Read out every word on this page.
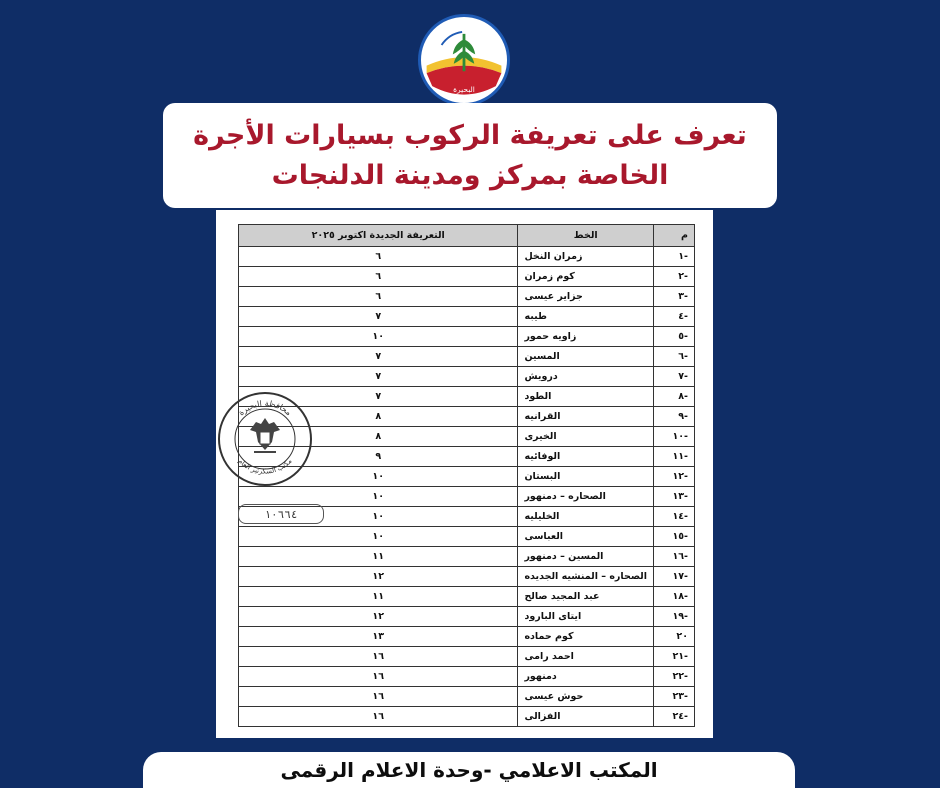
البحيرة
تعرف على تعريفة الركوب بسيارات الأجرة
الخاصة بمركز ومدينة الدلنجات
م	الخط	التعريفة الجديدة اكتوبر ٢٠٢٥
-١	زمران النخل	٦
-٢	كوم زمران	٦
-٣	جزاير عيسى	٦
-٤	طيبه	٧
-٥	زاويه حمور	١٠
-٦	المسين	٧
-٧	درويش	٧
-٨	الطود	٧
-٩	القرانيه	٨
-١٠	الخيرى	٨
-١١	الوفائيه	٩
-١٢	البستان	١٠
-١٣	الصحاره – دمنهور	١٠
-١٤	الخليليه	١٠
-١٥	العباسى	١٠
-١٦	المسين – دمنهور	١١
-١٧	الصحاره – المنشيه الجديده	١٢
-١٨	عبد المجيد صالح	١١
-١٩	ايتاى البارود	١٢
٢٠	كوم حماده	١٣
-٢١	احمد رامى	١٦
-٢٢	دمنهور	١٦
-٢٣	حوش عيسى	١٦
-٢٤	الفزالى	١٦
محافظة البحيرة
مكتب السكرتير العام
١٠٦٦٤
المكتب الاعلامي -وحدة الاعلام الرقمى
